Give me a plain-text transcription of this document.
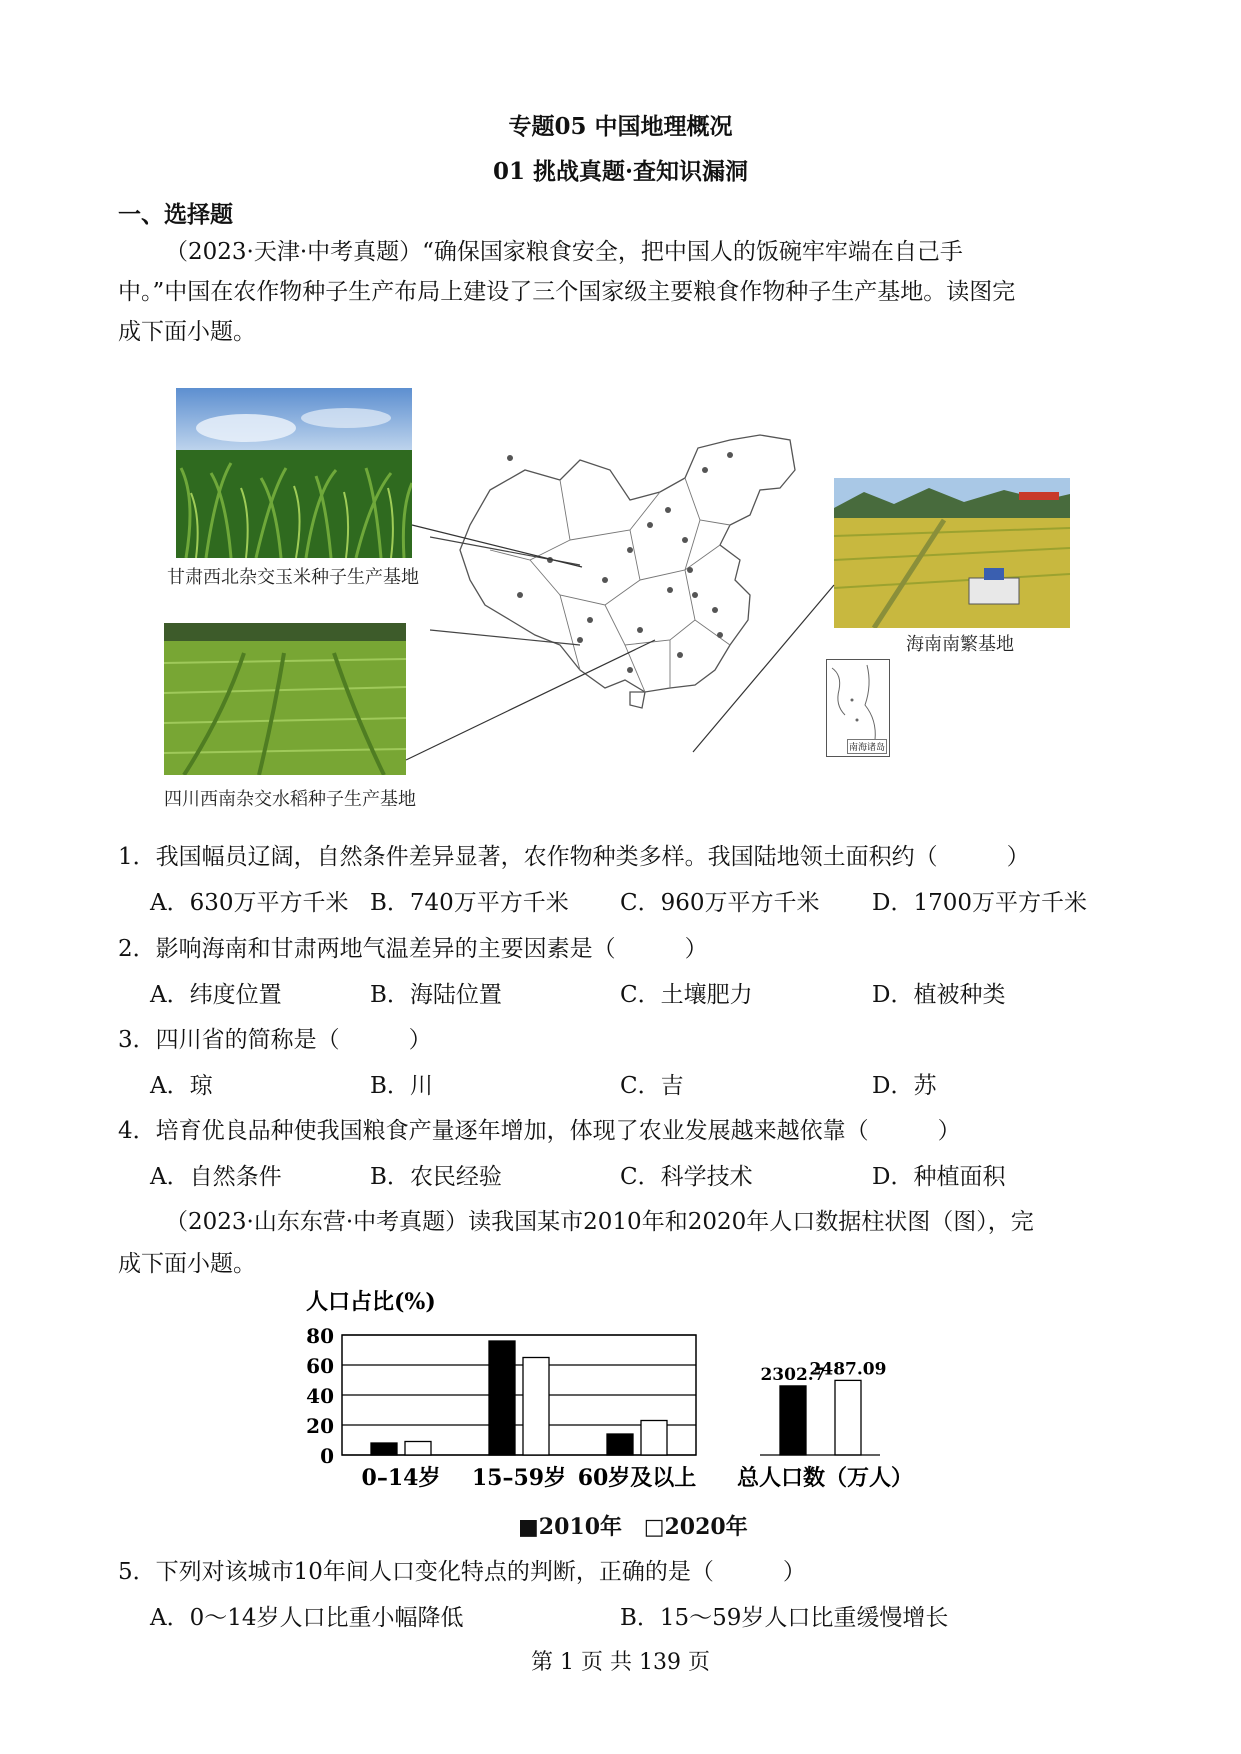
专题05 中国地理概况
01 挑战真题·查知识漏洞
一、选择题
（2023·天津·中考真题）“确保国家粮食安全，把中国人的饭碗牢牢端在自己手
中。”中国在农作物种子生产布局上建设了三个国家级主要粮食作物种子生产基地。读图完
成下面小题。
甘肃西北杂交玉米种子生产基地
四川西南杂交水稻种子生产基地
海南南繁基地
南海诸岛
1．我国幅员辽阔，自然条件差异显著，农作物种类多样。我国陆地领土面积约（　　　）
A．630万平方千米 B．740万平方千米 C．960万平方千米 D．1700万平方千米
2．影响海南和甘肃两地气温差异的主要因素是（　　　）
A．纬度位置	B．海陆位置	C．土壤肥力	D．植被种类
3．四川省的简称是（　　　）
A．琼	B．川	C．吉	D．苏
4．培育优良品种使我国粮食产量逐年增加，体现了农业发展越来越依靠（　　　）
A．自然条件	B．农民经验	C．科学技术	D．种植面积
（2023·山东东营·中考真题）读我国某市2010年和2020年人口数据柱状图（图），完
成下面小题。
人口占比(%)
80
60
40
20
0
0–14岁 15–59岁 60岁及以上
2302.7
2487.09
总人口数（万人）
■2010年 □2020年
5．下列对该城市10年间人口变化特点的判断，正确的是（　　　）
A．0～14岁人口比重小幅降低	B．15～59岁人口比重缓慢增长
第 1 页 共 139 页
